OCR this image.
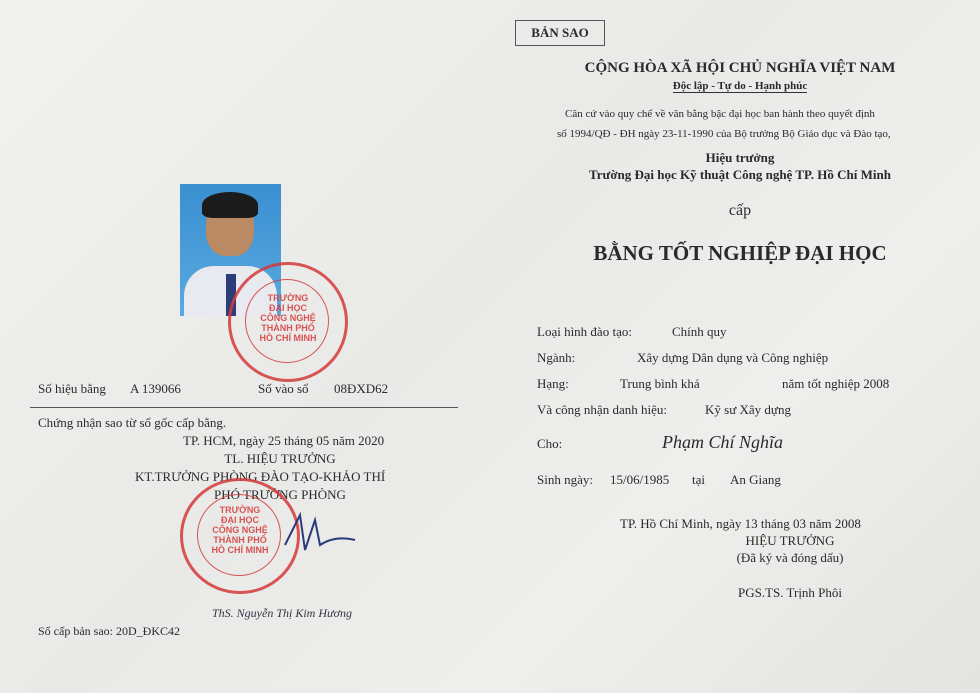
BẢN SAO
CỘNG HÒA XÃ HỘI CHỦ NGHĨA VIỆT NAM
Độc lập - Tự do - Hạnh phúc
Căn cứ vào quy chế về văn bằng bậc đại học ban hành theo quyết định
số 1994/QĐ - ĐH ngày 23-11-1990 của Bộ trưởng Bộ Giáo dục và Đào tạo,
Hiệu trưởng
Trường Đại học Kỹ thuật Công nghệ TP. Hồ Chí Minh
cấp
BẰNG TỐT NGHIỆP ĐẠI HỌC
Loại hình đào tạo:	Chính quy
Ngành:	Xây dựng Dân dụng và Công nghiệp
Hạng:	Trung bình khá	năm tốt nghiệp 2008
Và công nhận danh hiệu:	Kỹ sư Xây dựng
Cho:	Phạm Chí Nghĩa
Sinh ngày: 15/06/1985 tại An Giang
TP. Hồ Chí Minh, ngày 13 tháng 03 năm 2008
HIỆU TRƯỞNG
(Đã ký và đóng dấu)
PGS.TS. Trịnh Phôi
TRƯỜNG
ĐẠI HỌC
CÔNG NGHỆ
THÀNH PHỐ
HỒ CHÍ MINH
Số hiệu bằng A 139066	Số vào sổ 08ĐXD62
Chứng nhận sao từ sổ gốc cấp bằng.
TP. HCM, ngày 25 tháng 05 năm 2020
TL. HIỆU TRƯỞNG
KT.TRƯỞNG PHÒNG ĐÀO TẠO-KHẢO THÍ
PHÓ TRƯỞNG PHÒNG
TRƯỜNG
ĐẠI HỌC
CÔNG NGHỆ
THÀNH PHỐ
HỒ CHÍ MINH
ThS. Nguyễn Thị Kim Hương
Số cấp bản sao: 20D_ĐKC42
